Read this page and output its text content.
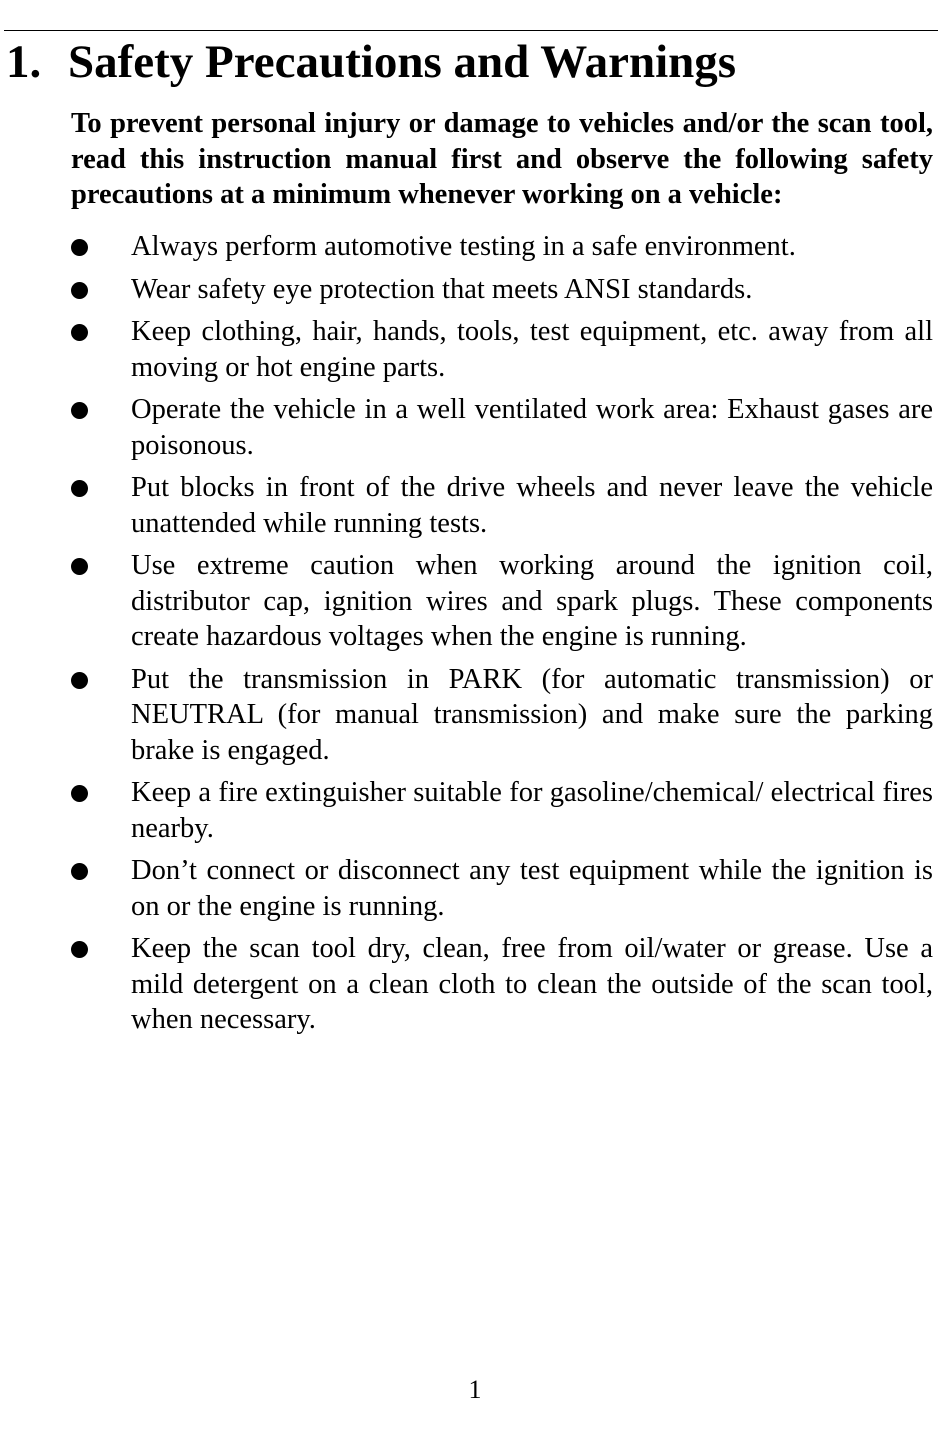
1. Safety Precautions and Warnings

To prevent personal injury or damage to vehicles and/or the scan tool, read this instruction manual first and observe the following safety precautions at a minimum whenever working on a vehicle:

Always perform automotive testing in a safe environment.
Wear safety eye protection that meets ANSI standards.
Keep clothing, hair, hands, tools, test equipment, etc. away from all moving or hot engine parts.
Operate the vehicle in a well ventilated work area: Exhaust gases are poisonous.
Put blocks in front of the drive wheels and never leave the vehicle unattended while running tests.
Use extreme caution when working around the ignition coil, distributor cap, ignition wires and spark plugs. These components create hazardous voltages when the engine is running.
Put the transmission in PARK (for automatic transmission) or NEUTRAL (for manual transmission) and make sure the parking brake is engaged.
Keep a fire extinguisher suitable for gasoline/chemical/ electrical fires nearby.
Don’t connect or disconnect any test equipment while the ignition is on or the engine is running.
Keep the scan tool dry, clean, free from oil/water or grease. Use a mild detergent on a clean cloth to clean the outside of the scan tool, when necessary.
1
